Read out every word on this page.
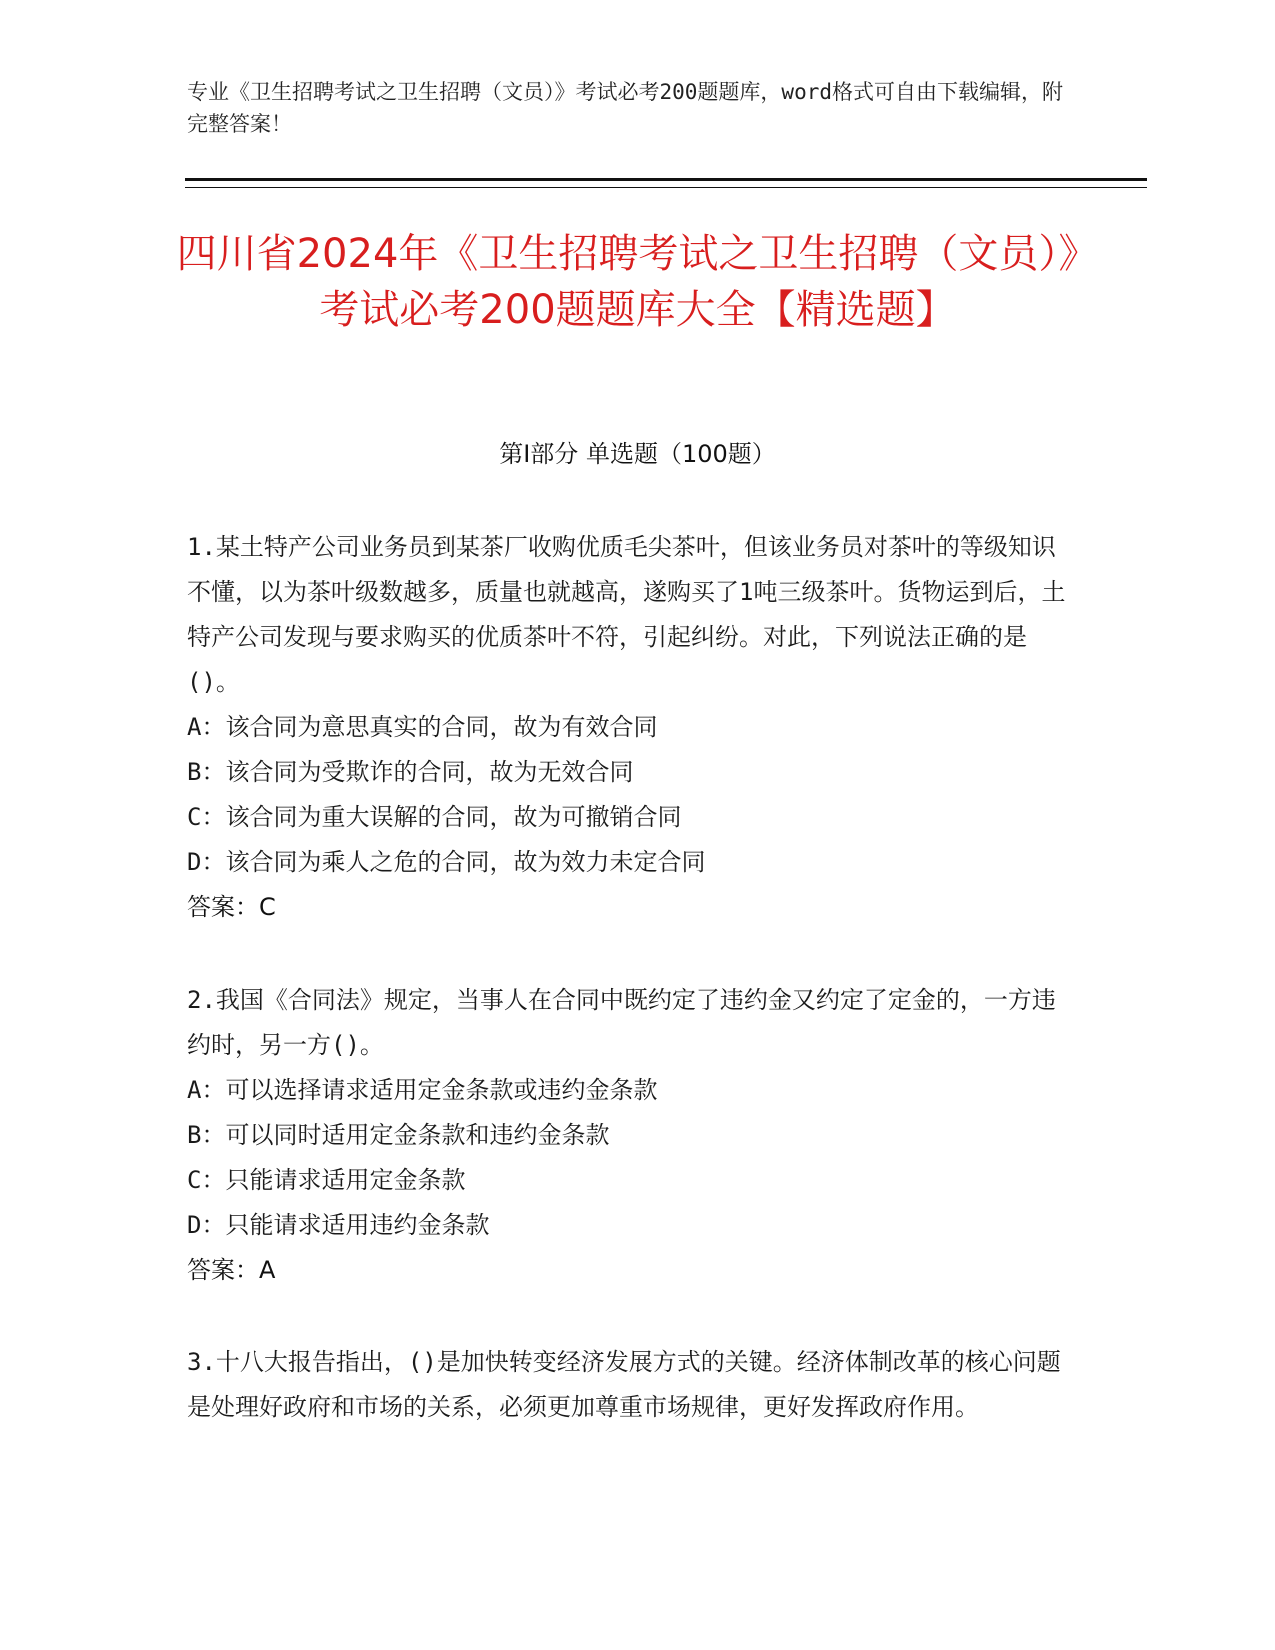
专业《卫生招聘考试之卫生招聘（文员）》考试必考200题题库，word格式可自由下载编辑，附完整答案！
四川省2024年《卫生招聘考试之卫生招聘（文员）》考试必考200题题库大全【精选题】
第I部分 单选题（100题）
1.某土特产公司业务员到某茶厂收购优质毛尖茶叶，但该业务员对茶叶的等级知识不懂，以为茶叶级数越多，质量也就越高，遂购买了1吨三级茶叶。货物运到后，土特产公司发现与要求购买的优质茶叶不符，引起纠纷。对此，下列说法正确的是()。
A：该合同为意思真实的合同，故为有效合同
B：该合同为受欺诈的合同，故为无效合同
C：该合同为重大误解的合同，故为可撤销合同
D：该合同为乘人之危的合同，故为效力未定合同
答案：C
2.我国《合同法》规定，当事人在合同中既约定了违约金又约定了定金的，一方违约时，另一方()。
A：可以选择请求适用定金条款或违约金条款
B：可以同时适用定金条款和违约金条款
C：只能请求适用定金条款
D：只能请求适用违约金条款
答案：A
3.十八大报告指出，()是加快转变经济发展方式的关键。经济体制改革的核心问题是处理好政府和市场的关系，必须更加尊重市场规律，更好发挥政府作用。
